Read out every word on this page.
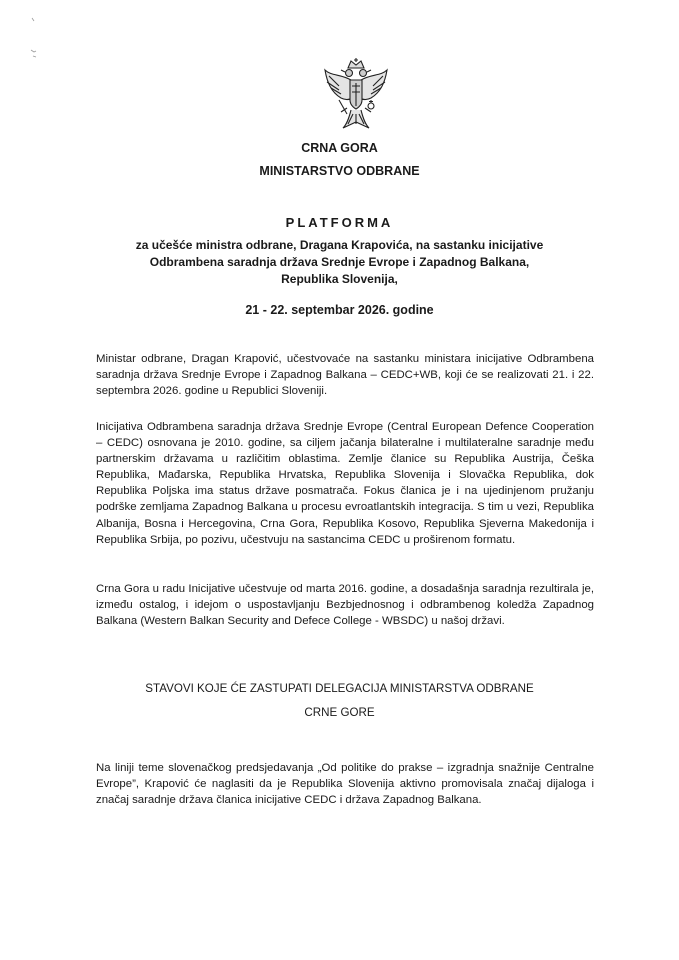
CRNA GORA
MINISTARSTVO ODBRANE
PLATFORMA
za učešće ministra odbrane, Dragana Krapovića, na sastanku inicijative
Odbrambena saradnja država Srednje Evrope i Zapadnog Balkana,
Republika Slovenija,
21 - 22. septembar 2026. godine

Ministar odbrane, Dragan Krapović, učestvovaće na sastanku ministara inicijative Odbrambena saradnja država Srednje Evrope i Zapadnog Balkana – CEDC+WB, koji će se realizovati 21. i 22. septembra 2026. godine u Republici Sloveniji.

Inicijativa Odbrambena saradnja država Srednje Evrope (Central European Defence Cooperation – CEDC) osnovana je 2010. godine, sa ciljem jačanja bilateralne i multilateralne saradnje među partnerskim državama u različitim oblastima. Zemlje članice su Republika Austrija, Češka Republika, Mađarska, Republika Hrvatska, Republika Slovenija i Slovačka Republika, dok Republika Poljska ima status države posmatrača. Fokus članica je i na ujedinjenom pružanju podrške zemljama Zapadnog Balkana u procesu evroatlantskih integracija. S tim u vezi, Republika Albanija, Bosna i Hercegovina, Crna Gora, Republika Kosovo, Republika Sjeverna Makedonija i Republika Srbija, po pozivu, učestvuju na sastancima CEDC u proširenom formatu.

Crna Gora u radu Inicijative učestvuje od marta 2016. godine, a dosadašnja saradnja rezultirala je, između ostalog, i idejom o uspostavljanju Bezbjednosnog i odbrambenog koledža Zapadnog Balkana (Western Balkan Security and Defece College - WBSDC) u našoj državi.

STAVOVI KOJE ĆE ZASTUPATI DELEGACIJA MINISTARSTVA ODBRANE
CRNE GORE

Na liniji teme slovenačkog predsjedavanja „Od politike do prakse – izgradnja snažnije Centralne Evrope”, Krapović će naglasiti da je Republika Slovenija aktivno promovisala značaj dijaloga i značaj saradnje država članica inicijative CEDC i država Zapadnog Balkana.
